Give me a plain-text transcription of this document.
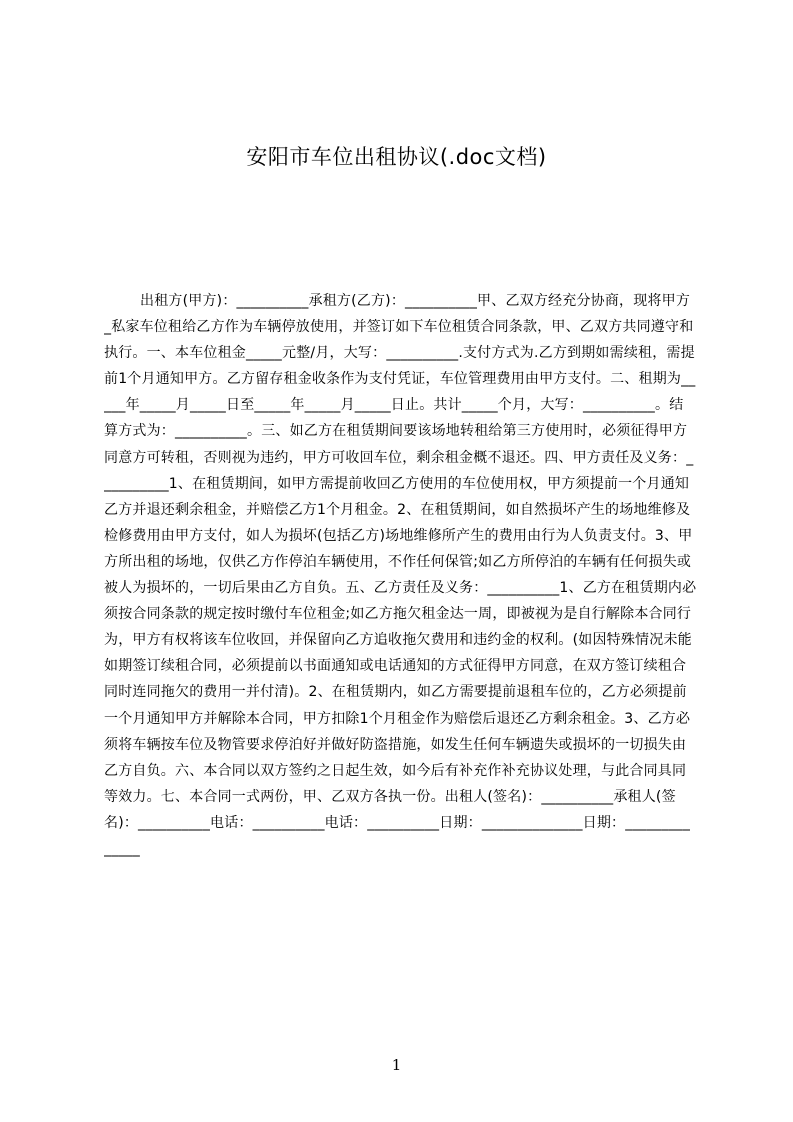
安阳市车位出租协议(.doc文档)

出租方(甲方)：__________承租方(乙方)：__________甲、乙双方经充分协商，现将甲方_私家车位租给乙方作为车辆停放使用，并签订如下车位租赁合同条款，甲、乙双方共同遵守和执行。一、本车位租金_____元整/月，大写：__________.支付方式为.乙方到期如需续租，需提前1个月通知甲方。乙方留存租金收条作为支付凭证，车位管理费用由甲方支付。二、租期为_____年_____月_____日至_____年_____月_____日止。共计_____个月，大写：__________。结算方式为：__________。三、如乙方在租赁期间要该场地转租给第三方使用时，必须征得甲方同意方可转租，否则视为违约，甲方可收回车位，剩余租金概不退还。四、甲方责任及义务：__________1、在租赁期间，如甲方需提前收回乙方使用的车位使用权，甲方须提前一个月通知乙方并退还剩余租金，并赔偿乙方1个月租金。2、在租赁期间，如自然损坏产生的场地维修及检修费用由甲方支付，如人为损坏(包括乙方)场地维修所产生的费用由行为人负责支付。3、甲方所出租的场地，仅供乙方作停泊车辆使用，不作任何保管;如乙方所停泊的车辆有任何损失或被人为损坏的，一切后果由乙方自负。五、乙方责任及义务：__________1、乙方在租赁期内必须按合同条款的规定按时缴付车位租金;如乙方拖欠租金达一周，即被视为是自行解除本合同行为，甲方有权将该车位收回，并保留向乙方追收拖欠费用和违约金的权利。(如因特殊情况未能如期签订续租合同，必须提前以书面通知或电话通知的方式征得甲方同意，在双方签订续租合同时连同拖欠的费用一并付清)。2、在租赁期内，如乙方需要提前退租车位的，乙方必须提前一个月通知甲方并解除本合同，甲方扣除1个月租金作为赔偿后退还乙方剩余租金。3、乙方必须将车辆按车位及物管要求停泊好并做好防盗措施，如发生任何车辆遗失或损坏的一切损失由乙方自负。六、本合同以双方签约之日起生效，如今后有补充作补充协议处理，与此合同具同等效力。七、本合同一式两份，甲、乙双方各执一份。出租人(签名)：__________承租人(签名)：__________电话：__________电话：__________日期：______________日期：______________

1
